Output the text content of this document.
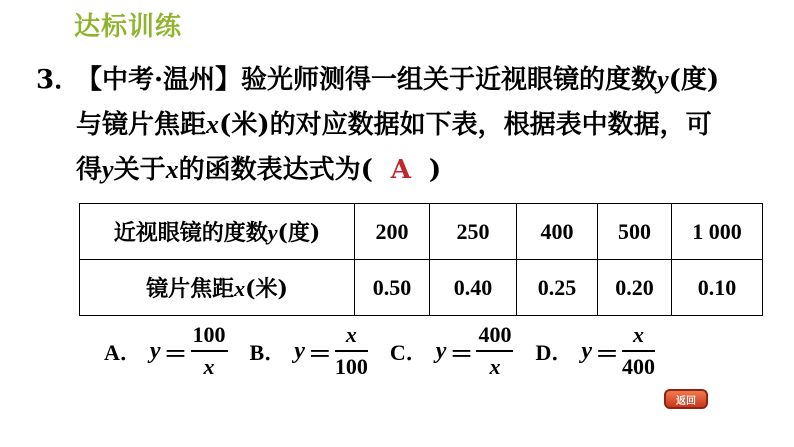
达标训练
3．【中考·温州】验光师测得一组关于近视眼镜的度数y(度)
与镜片焦距x(米)的对应数据如下表，根据表中数据，可
得y关于x的函数表达式为( A )
近视眼镜的度数y(度)	200	250	400	500	1 000
镜片焦距x(米)	0.50	0.40	0.25	0.20	0.10
A． $y = \frac{100}{x}$ B． $y = \frac{x}{100}$ C． $y = \frac{400}{x}$ D． $y = \frac{x}{400}$
返回
